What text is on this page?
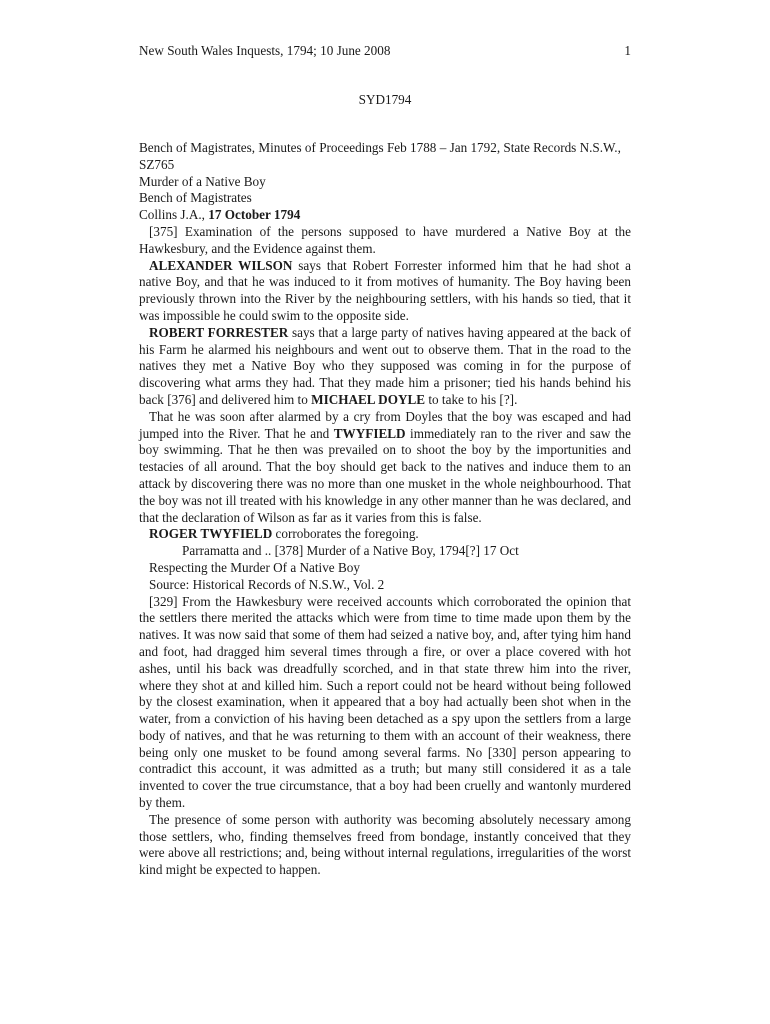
New South Wales Inquests, 1794; 10 June 2008	1
SYD1794

Bench of Magistrates, Minutes of Proceedings Feb 1788 – Jan 1792, State Records N.S.W., SZ765

Murder of a Native Boy

Bench of Magistrates

Collins J.A., 17 October 1794

[375] Examination of the persons supposed to have murdered a Native Boy at the Hawkesbury, and the Evidence against them.

ALEXANDER WILSON says that Robert Forrester informed him that he had shot a native Boy, and that he was induced to it from motives of humanity. The Boy having been previously thrown into the River by the neighbouring settlers, with his hands so tied, that it was impossible he could swim to the opposite side.

ROBERT FORRESTER says that a large party of natives having appeared at the back of his Farm he alarmed his neighbours and went out to observe them. That in the road to the natives they met a Native Boy who they supposed was coming in for the purpose of discovering what arms they had. That they made him a prisoner; tied his hands behind his back [376] and delivered him to MICHAEL DOYLE to take to his [?].

That he was soon after alarmed by a cry from Doyles that the boy was escaped and had jumped into the River. That he and TWYFIELD immediately ran to the river and saw the boy swimming. That he then was prevailed on to shoot the boy by the importunities and testacies of all around. That the boy should get back to the natives and induce them to an attack by discovering there was no more than one musket in the whole neighbourhood. That the boy was not ill treated with his knowledge in any other manner than he was declared, and that the declaration of Wilson as far as it varies from this is false.

ROGER TWYFIELD corroborates the foregoing.

Parramatta and .. [378] Murder of a Native Boy, 1794[?] 17 Oct

Respecting the Murder Of a Native Boy

Source: Historical Records of N.S.W., Vol. 2

[329] From the Hawkesbury were received accounts which corroborated the opinion that the settlers there merited the attacks which were from time to time made upon them by the natives. It was now said that some of them had seized a native boy, and, after tying him hand and foot, had dragged him several times through a fire, or over a place covered with hot ashes, until his back was dreadfully scorched, and in that state threw him into the river, where they shot at and killed him. Such a report could not be heard without being followed by the closest examination, when it appeared that a boy had actually been shot when in the water, from a conviction of his having been detached as a spy upon the settlers from a large body of natives, and that he was returning to them with an account of their weakness, there being only one musket to be found among several farms. No [330] person appearing to contradict this account, it was admitted as a truth; but many still considered it as a tale invented to cover the true circumstance, that a boy had been cruelly and wantonly murdered by them.

The presence of some person with authority was becoming absolutely necessary among those settlers, who, finding themselves freed from bondage, instantly conceived that they were above all restrictions; and, being without internal regulations, irregularities of the worst kind might be expected to happen.
